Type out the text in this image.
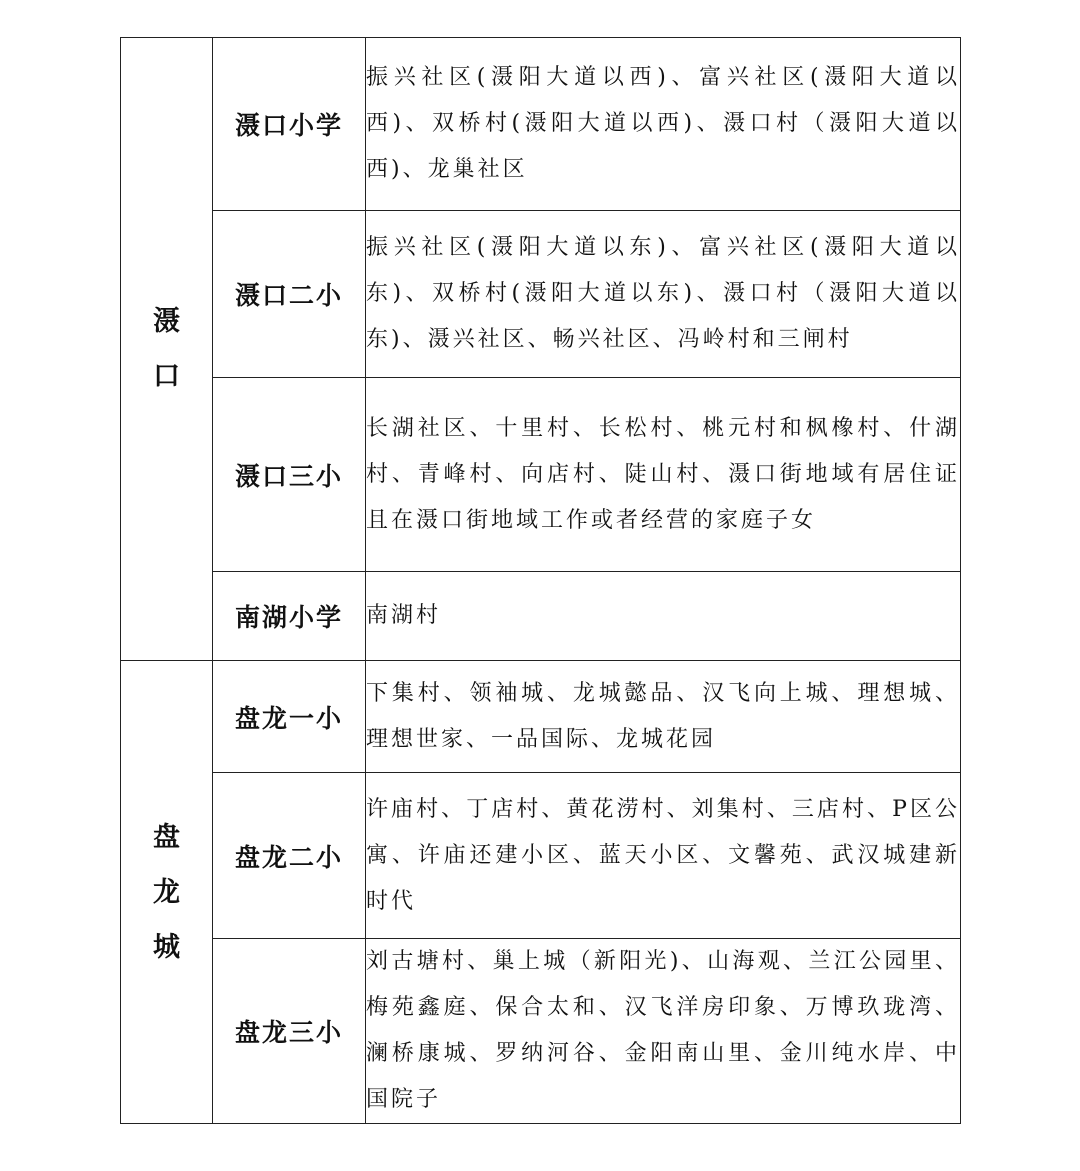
滠口	滠口小学	振兴社区(滠阳大道以西)、富兴社区(滠阳大道以西)、双桥村(滠阳大道以西)、滠口村（滠阳大道以西)、龙巢社区
	滠口二小	振兴社区(滠阳大道以东)、富兴社区(滠阳大道以东)、双桥村(滠阳大道以东)、滠口村（滠阳大道以东)、滠兴社区、畅兴社区、冯岭村和三闸村
	滠口三小	长湖社区、十里村、长松村、桃元村和枫橡村、什湖村、青峰村、向店村、陡山村、滠口街地域有居住证且在滠口街地域工作或者经营的家庭子女
	南湖小学	南湖村
盘龙城	盘龙一小	下集村、领袖城、龙城懿品、汉飞向上城、理想城、理想世家、一品国际、龙城花园
	盘龙二小	许庙村、丁店村、黄花涝村、刘集村、三店村、P区公寓、许庙还建小区、蓝天小区、文馨苑、武汉城建新时代
	盘龙三小	刘古塘村、巢上城（新阳光)、山海观、兰江公园里、梅苑鑫庭、保合太和、汉飞洋房印象、万博玖珑湾、澜桥康城、罗纳河谷、金阳南山里、金川纯水岸、中国院子
